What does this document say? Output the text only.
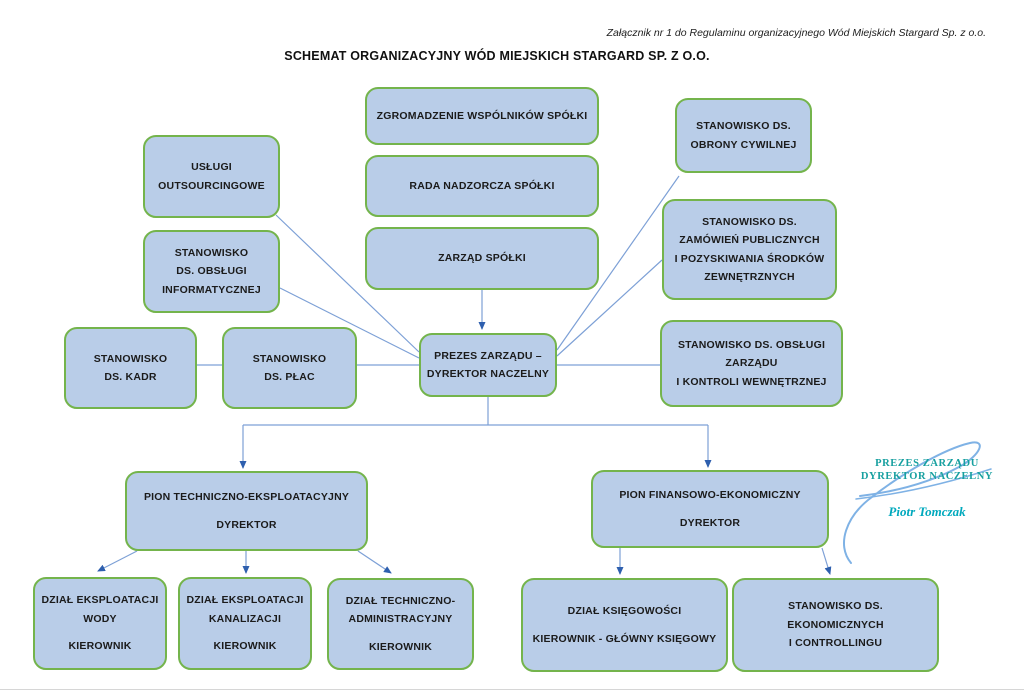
Załącznik nr 1 do Regulaminu organizacyjnego Wód Miejskich Stargard Sp. z o.o.
SCHEMAT ORGANIZACYJNY WÓD MIEJSKICH STARGARD SP. Z O.O.
ZGROMADZENIE WSPÓLNIKÓW SPÓŁKI
RADA NADZORCZA SPÓŁKI
ZARZĄD SPÓŁKI
USŁUGI
OUTSOURCINGOWE
STANOWISKO
DS. OBSŁUGI
INFORMATYCZNEJ
STANOWISKO
DS. KADR
STANOWISKO
DS. PŁAC
PREZES ZARZĄDU –
DYREKTOR NACZELNY
STANOWISKO DS.
OBRONY CYWILNEJ
STANOWISKO DS.
ZAMÓWIEŃ PUBLICZNYCH
I POZYSKIWANIA ŚRODKÓW
ZEWNĘTRZNYCH
STANOWISKO DS. OBSŁUGI
ZARZĄDU
I KONTROLI WEWNĘTRZNEJ
PION TECHNICZNO-EKSPLOATACYJNY
DYREKTOR
PION FINANSOWO-EKONOMICZNY
DYREKTOR
DZIAŁ EKSPLOATACJI
WODY
KIEROWNIK
DZIAŁ EKSPLOATACJI
KANALIZACJI
KIEROWNIK
DZIAŁ TECHNICZNO-
ADMINISTRACYJNY
KIEROWNIK
DZIAŁ KSIĘGOWOŚCI
KIEROWNIK - GŁÓWNY KSIĘGOWY
STANOWISKO DS.
EKONOMICZNYCH
I CONTROLLINGU
PREZES ZARZĄDU
DYREKTOR NACZELNY
Piotr Tomczak
